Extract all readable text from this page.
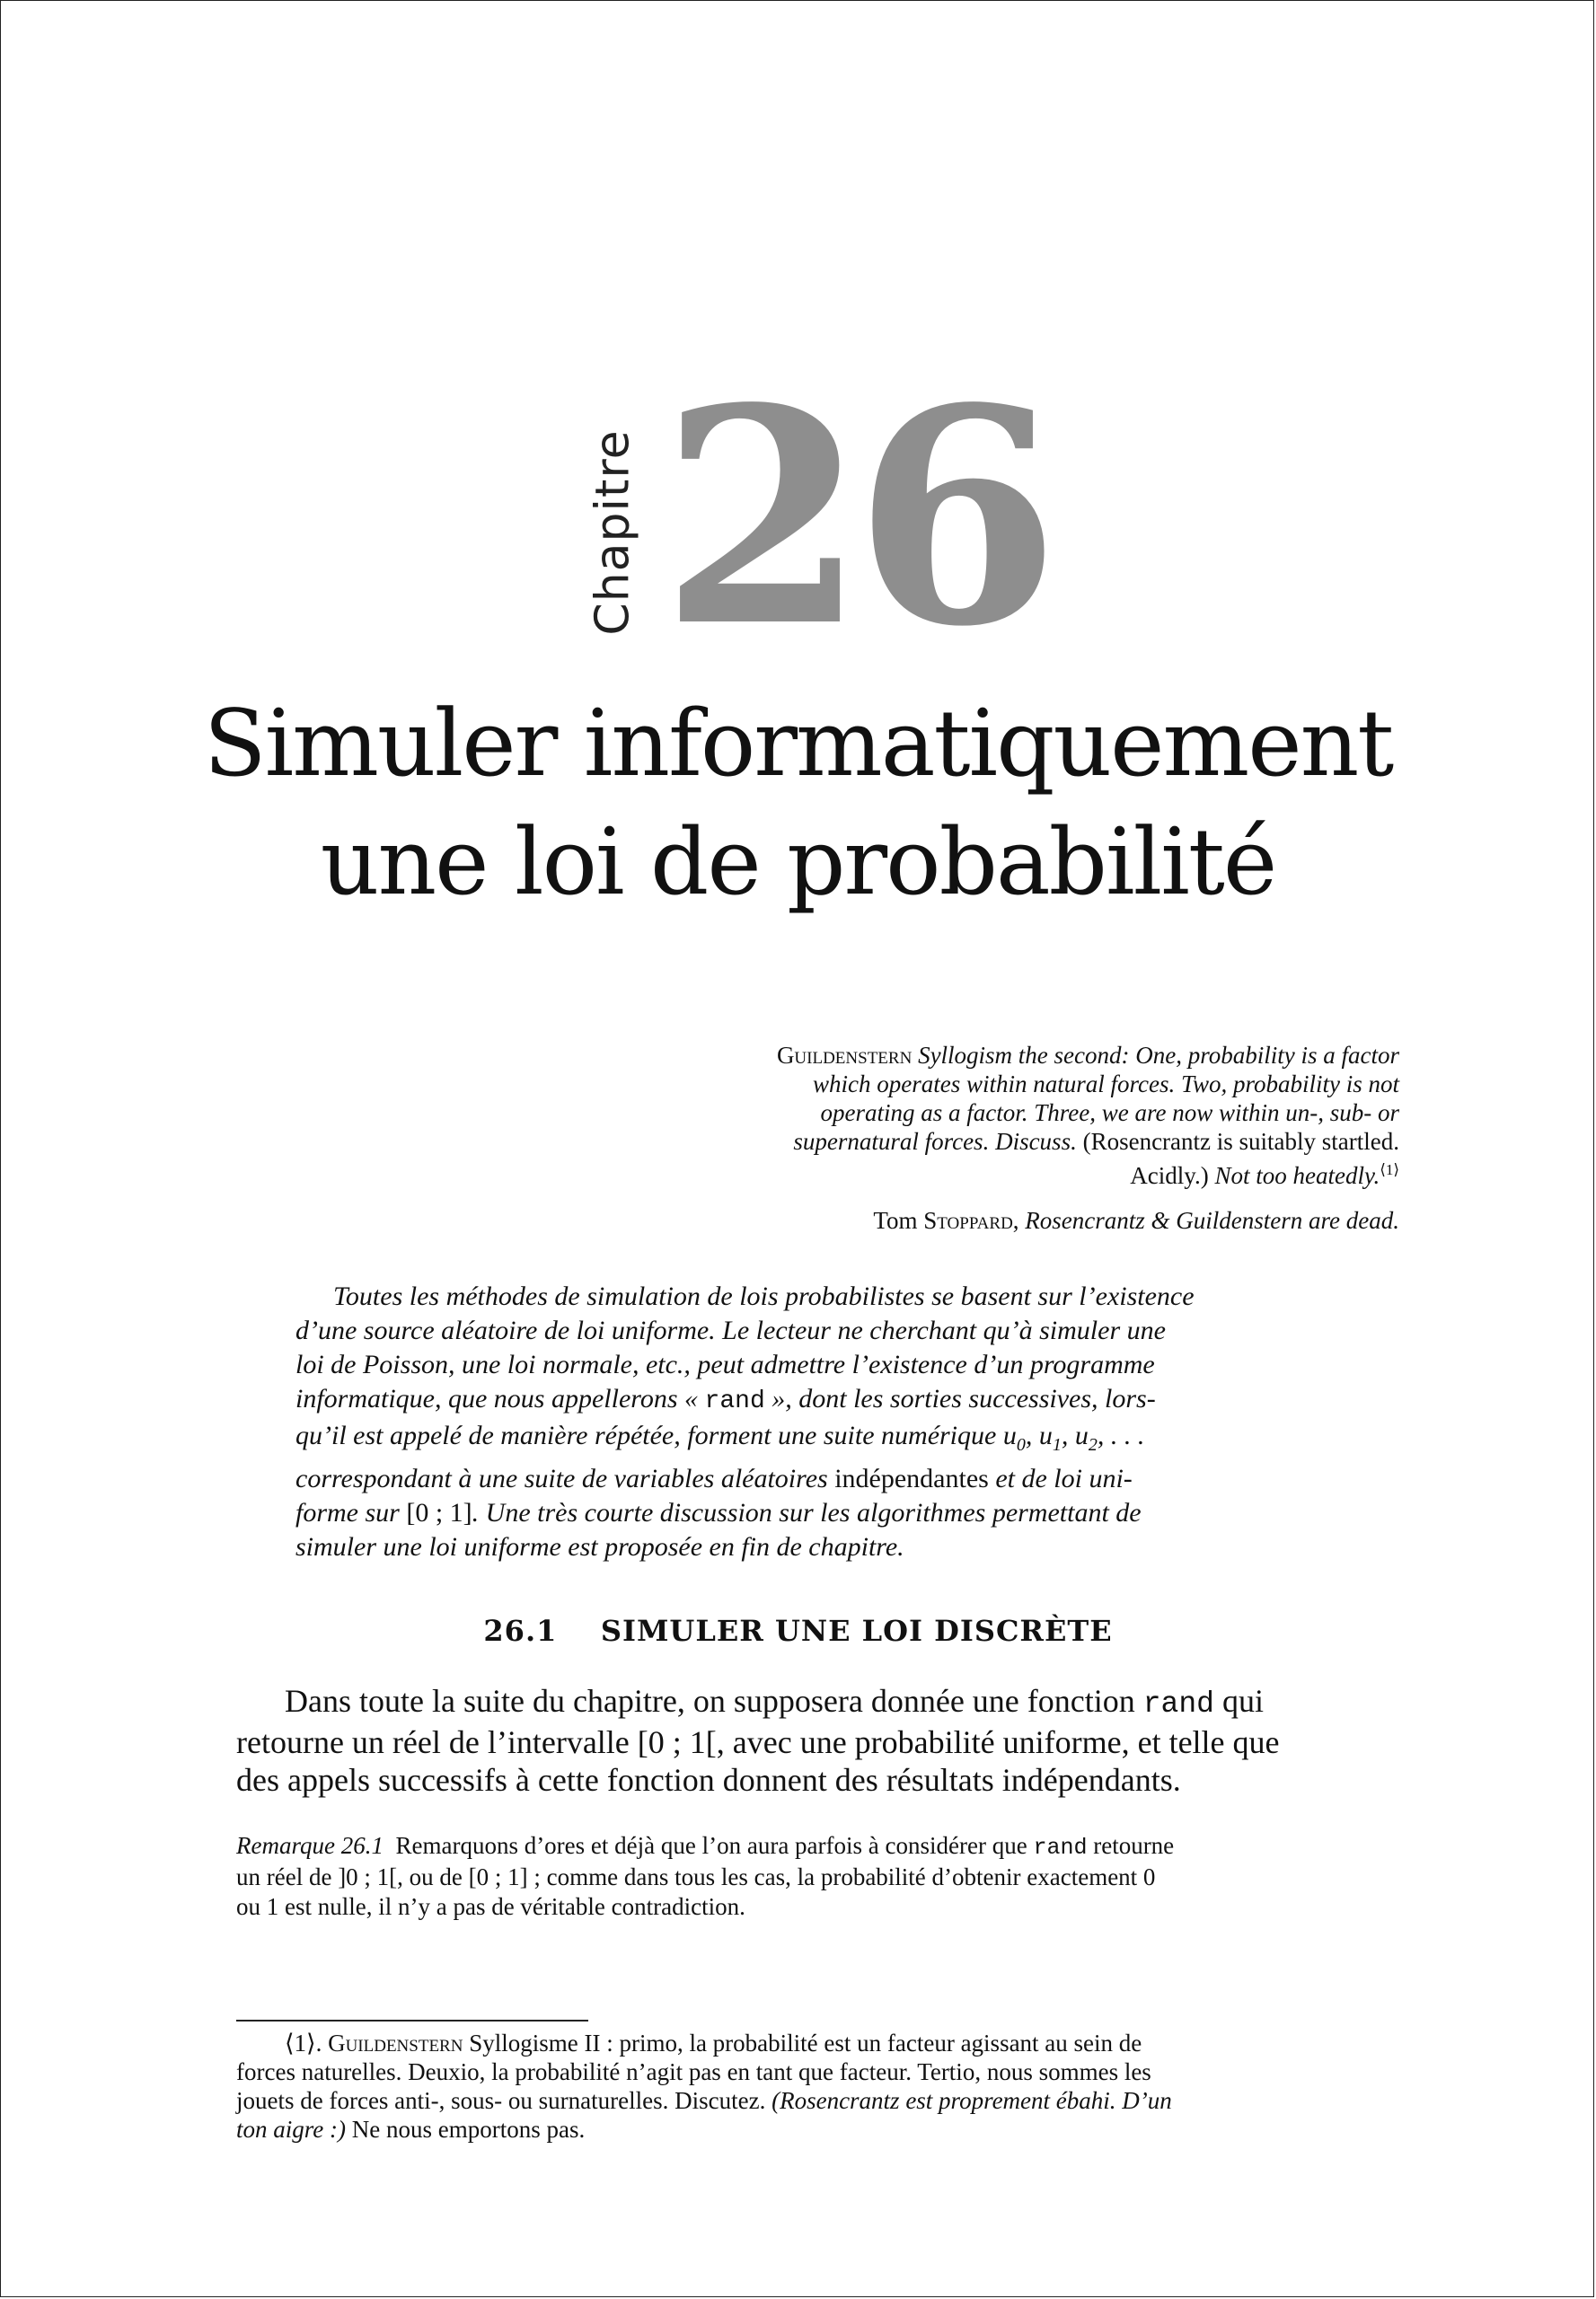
Chapitre 26
Simuler informatiquement
une loi de probabilité
Guildenstern Syllogism the second: One, probability is a factor
which operates within natural forces. Two, probability is not
operating as a factor. Three, we are now within un-, sub- or
supernatural forces. Discuss. (Rosencrantz is suitably startled.
Acidly.) Not too heatedly.$^{⟨1⟩}$
Tom Stoppard, Rosencrantz & Guildenstern are dead.
Toutes les méthodes de simulation de lois probabilistes se basent sur l’existence
d’une source aléatoire de loi uniforme. Le lecteur ne cherchant qu’à simuler une
loi de Poisson, une loi normale, etc., peut admettre l’existence d’un programme
informatique, que nous appellerons « rand », dont les sorties successives, lors-
qu’il est appelé de manière répétée, forment une suite numérique $u_0$, $u_1$, $u_2$, . . .
correspondant à une suite de variables aléatoires indépendantes et de loi uni-
forme sur [0 ; 1]. Une très courte discussion sur les algorithmes permettant de
simuler une loi uniforme est proposée en fin de chapitre.
26.1    SIMULER UNE LOI DISCRÈTE
Dans toute la suite du chapitre, on supposera donnée une fonction rand qui
retourne un réel de l’intervalle [0 ; 1[, avec une probabilité uniforme, et telle que
des appels successifs à cette fonction donnent des résultats indépendants.
Remarque 26.1  Remarquons d’ores et déjà que l’on aura parfois à considérer que rand retourne
un réel de ]0 ; 1[, ou de [0 ; 1] ; comme dans tous les cas, la probabilité d’obtenir exactement 0
ou 1 est nulle, il n’y a pas de véritable contradiction.
⟨1⟩. Guildenstern Syllogisme II : primo, la probabilité est un facteur agissant au sein de
forces naturelles. Deuxio, la probabilité n’agit pas en tant que facteur. Tertio, nous sommes les
jouets de forces anti-, sous- ou surnaturelles. Discutez. (Rosencrantz est proprement ébahi. D’un
ton aigre :) Ne nous emportons pas.
